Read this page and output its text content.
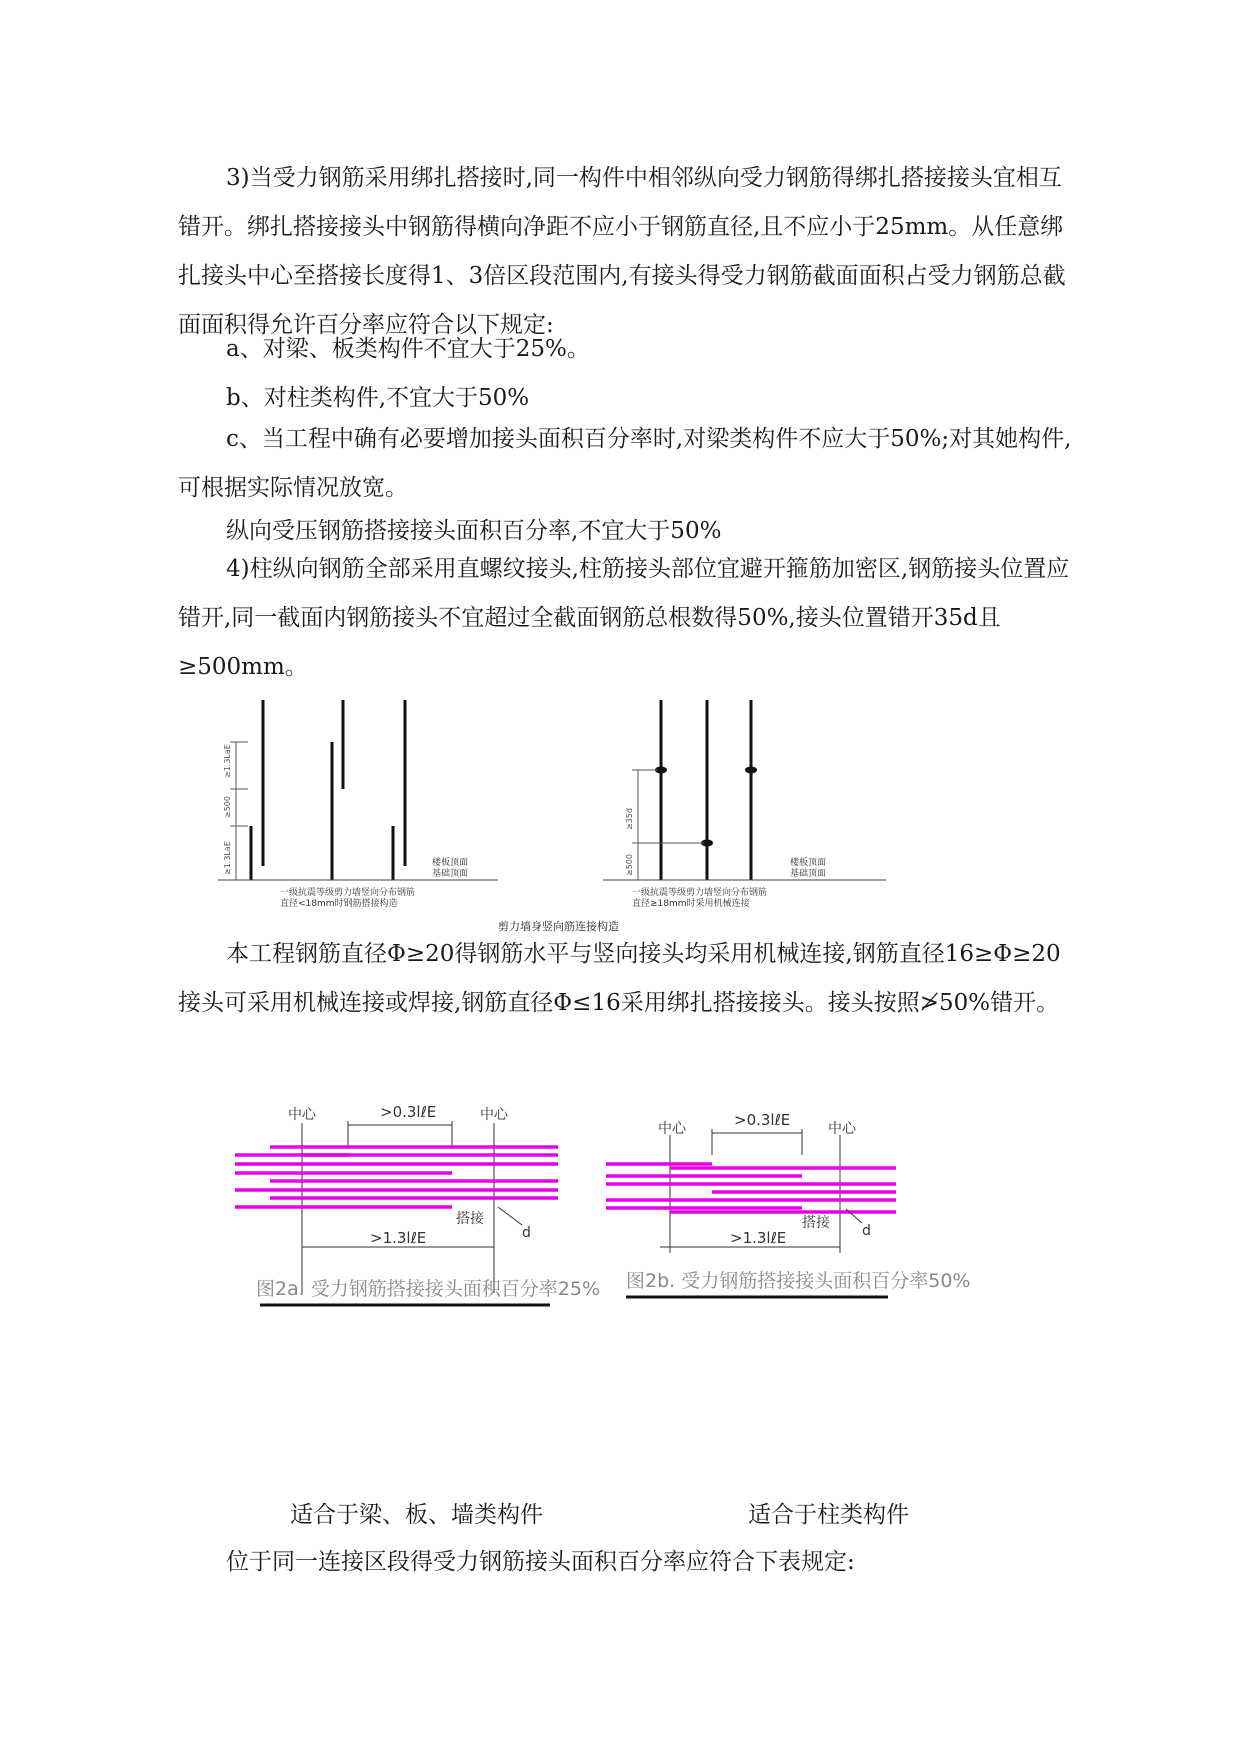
3)当受力钢筋采用绑扎搭接时,同一构件中相邻纵向受力钢筋得绑扎搭接接头宜相互错开。绑扎搭接接头中钢筋得横向净距不应小于钢筋直径,且不应小于25mm。从任意绑扎接头中心至搭接长度得1、3倍区段范围内,有接头得受力钢筋截面面积占受力钢筋总截面面积得允许百分率应符合以下规定:

a、对梁、板类构件不宜大于25%。

b、对柱类构件,不宜大于50%

c、当工程中确有必要增加接头面积百分率时,对梁类构件不应大于50%;对其她构件,可根据实际情况放宽。

纵向受压钢筋搭接接头面积百分率,不宜大于50%

4)柱纵向钢筋全部采用直螺纹接头,柱筋接头部位宜避开箍筋加密区,钢筋接头位置应错开,同一截面内钢筋接头不宜超过全截面钢筋总根数得50%,接头位置错开35d且≥500mm。

≥1.3LaE
≥500
≥1.3LaE	楼板顶面
基础顶面
一级抗震等级剪力墙竖向分布钢筋
直径<18mm时钢筋搭接构造
≥35d
≥500	楼板顶面
基础顶面
一级抗震等级剪力墙竖向分布钢筋
直径≥18mm时采用机械连接
剪力墙身竖向筋连接构造

本工程钢筋直径Φ≥20得钢筋水平与竖向接头均采用机械连接,钢筋直径16≥Φ≥20接头可采用机械连接或焊接,钢筋直径Φ≤16采用绑扎搭接接头。接头按照≯50%错开。

中心	中心
>0.3lℓE
>1.3lℓE
搭接
d
图2a. 受力钢筋搭接接头面积百分率25%
中心	中心
>0.3lℓE
>1.3lℓE
搭接 d
图2b. 受力钢筋搭接接头面积百分率50%
适合于梁、板、墙类构件	适合于柱类构件

位于同一连接区段得受力钢筋接头面积百分率应符合下表规定:
